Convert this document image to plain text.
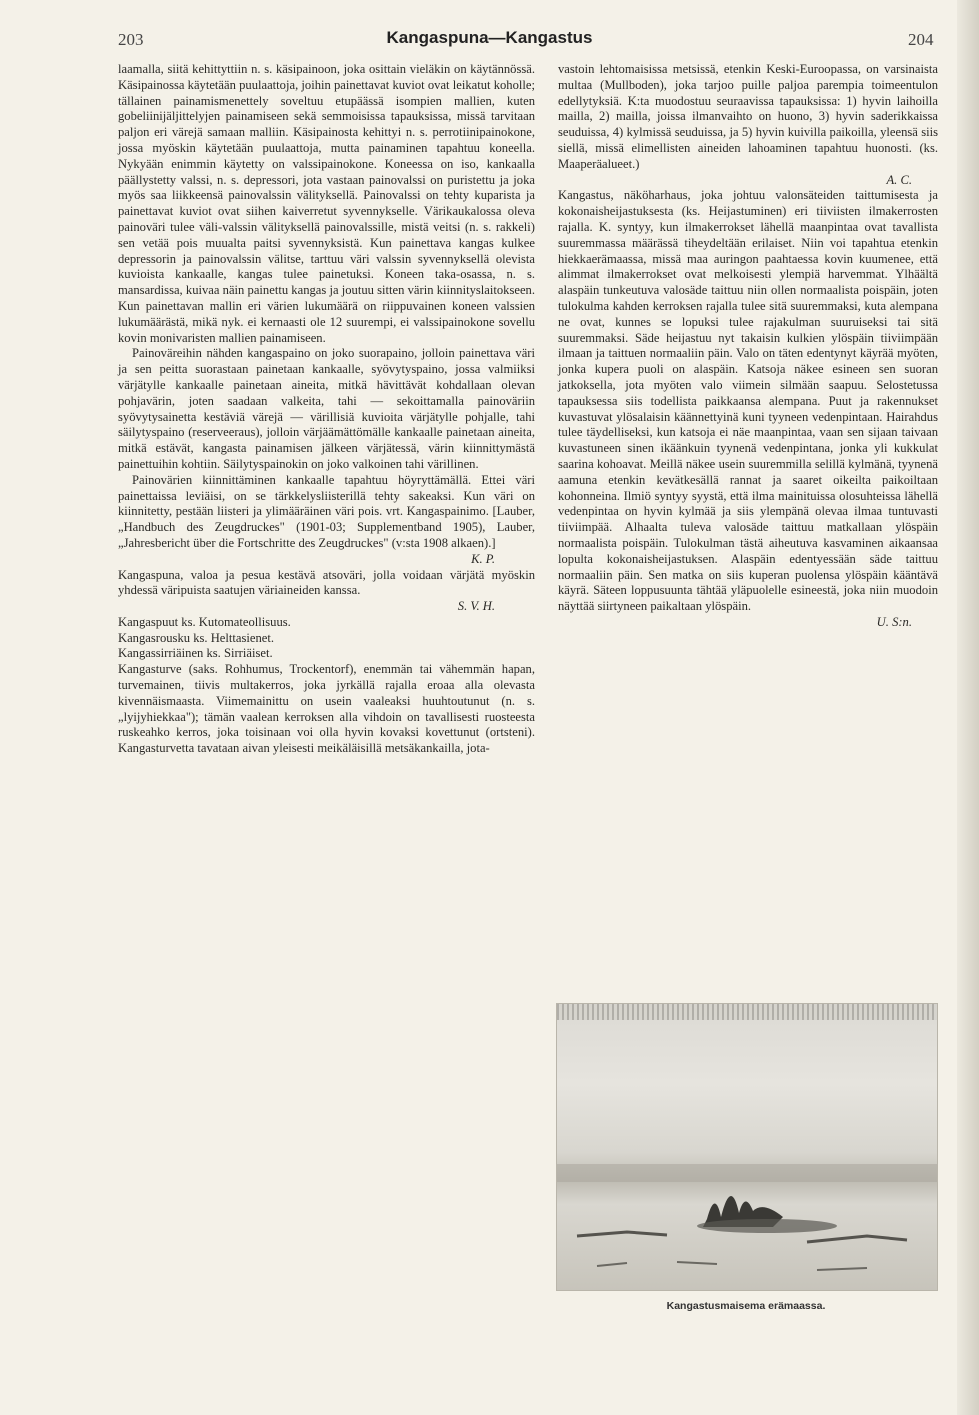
203	Kangaspuna—Kangastus	204

laamalla, siitä kehittyttiin n. s. käsipainoon, joka osittain vieläkin on käytännössä. Käsipainossa käytetään puulaattoja, joihin painettavat kuviot ovat leikatut koholle; tällainen painamismenettely soveltuu etupäässä isompien mallien, kuten gobeliinijäljittelyjen painamiseen sekä semmoisissa tapauksissa, missä tarvitaan paljon eri värejä samaan malliin. Käsipainosta kehittyi n. s. perrotiinipainokone, jossa myöskin käytetään puulaattoja, mutta painaminen tapahtuu koneella. Nykyään enimmin käytetty on valssipainokone. Koneessa on iso, kankaalla päällystetty valssi, n. s. depressori, jota vastaan painovalssi on puristettu ja joka myös saa liikkeensä painovalssin välityksellä. Painovalssi on tehty kuparista ja painettavat kuviot ovat siihen kaiverretut syvennykselle. Värikaukalossa oleva painoväri tulee väli-valssin välityksellä painovalssille, mistä veitsi (n. s. rakkeli) sen vetää pois muualta paitsi syvennyksistä. Kun painettava kangas kulkee depressorin ja painovalssin välitse, tarttuu väri valssin syvennyksellä olevista kuvioista kankaalle, kangas tulee painetuksi. Koneen taka-osassa, n. s. mansardissa, kuivaa näin painettu kangas ja joutuu sitten värin kiinnityslaitokseen. Kun painettavan mallin eri värien lukumäärä on riippuvainen koneen valssien lukumäärästä, mikä nyk. ei kernaasti ole 12 suurempi, ei valssipainokone sovellu kovin monivaristen mallien painamiseen.

Painoväreihin nähden kangaspaino on joko suorapaino, jolloin painettava väri ja sen peitta suorastaan painetaan kankaalle, syövytyspaino, jossa valmiiksi värjätylle kankaalle painetaan aineita, mitkä hävittävät kohdallaan olevan pohjavärin, joten saadaan valkeita, tahi — sekoittamalla painoväriin syövytysainetta kestäviä värejä — värillisiä kuvioita värjätylle pohjalle, tahi säilytyspaino (reserveeraus), jolloin värjäämättömälle kankaalle painetaan aineita, mitkä estävät, kangasta painamisen jälkeen värjätessä, värin kiinnittymästä painettuihin kohtiin. Säilytyspainokin on joko valkoinen tahi värillinen.

Painovärien kiinnittäminen kankaalle tapahtuu höyryttämällä. Ettei väri painettaissa leviäisi, on se tärkkelysliisterillä tehty sakeaksi. Kun väri on kiinnitetty, pestään liisteri ja ylimääräinen väri pois. vrt. Kangaspainimo. [Lauber, „Handbuch des Zeugdruckes" (1901-03; Supplementband 1905), Lauber, „Jahresbericht über die Fortschritte des Zeugdruckes" (v:sta 1908 alkaen).]

K. P.

Kangaspuna, valoa ja pesua kestävä atsoväri, jolla voidaan värjätä myöskin yhdessä väripuista saatujen väriaineiden kanssa.

S. V. H.

Kangaspuut ks. Kutomateollisuus.

Kangasrousku ks. Helttasienet.

Kangassirriäinen ks. Sirriäiset.

Kangasturve (saks. Rohhumus, Trockentorf), enemmän tai vähemmän hapan, turvemainen, tiivis multakerros, joka jyrkällä rajalla eroaa alla olevasta kivennäismaasta. Viimemainittu on usein vaaleaksi huuhtoutunut (n. s. „lyijyhiekkaa"); tämän vaalean kerroksen alla vihdoin on tavallisesti ruosteesta ruskeahko kerros, joka toisinaan voi olla hyvin kovaksi kovettunut (ortsteni). Kangasturvetta tavataan aivan yleisesti meikäläisillä metsäkankailla, jota-

vastoin lehtomaisissa metsissä, etenkin Keski-Euroopassa, on varsinaista multaa (Mullboden), joka tarjoo puille paljoa parempia toimeentulon edellytyksiä. K:ta muodostuu seuraavissa tapauksissa: 1) hyvin laihoilla mailla, 2) mailla, joissa ilmanvaihto on huono, 3) hyvin saderikkaissa seuduissa, 4) kylmissä seuduissa, ja 5) hyvin kuivilla paikoilla, yleensä siis siellä, missä elimellisten aineiden lahoaminen tapahtuu huonosti. (ks. Maaperäalueet.)

A. C.

Kangastus, näköharhaus, joka johtuu valonsäteiden taittumisesta ja kokonaisheijastuksesta (ks. Heijastuminen) eri tiiviisten ilmakerrosten rajalla. K. syntyy, kun ilmakerrokset lähellä maanpintaa ovat tavallista suuremmassa määrässä tiheydeltään erilaiset. Niin voi tapahtua etenkin hiekkaerämaassa, missä maa auringon paahtaessa kovin kuumenee, että alimmat ilmakerrokset ovat melkoisesti ylempiä harvemmat. Ylhäältä alaspäin tunkeutuva valosäde taittuu niin ollen normaalista poispäin, joten tulokulma kahden kerroksen rajalla tulee sitä suuremmaksi, kuta alempana ne ovat, kunnes se lopuksi tulee rajakulman suuruiseksi tai sitä suuremmaksi. Säde heijastuu nyt takaisin kulkien ylöspäin tiiviimpään ilmaan ja taittuen normaaliin päin. Valo on täten edentynyt käyrää myöten, jonka kupera puoli on alaspäin. Katsoja näkee esineen sen suoran jatkoksella, jota myöten valo viimein silmään saapuu. Selostetussa tapauksessa siis todellista paikkaansa alempana. Puut ja rakennukset kuvastuvat ylösalaisin käännettyinä kuni tyyneen vedenpintaan. Hairahdus tulee täydelliseksi, kun katsoja ei näe maanpintaa, vaan sen sijaan taivaan kuvastuneen sinen ikäänkuin tyynenä vedenpintana, jonka yli kukkulat saarina kohoavat. Meillä näkee usein suuremmilla selillä kylmänä, tyynenä aamuna etenkin kevätkesällä rannat ja saaret oikeilta paikoiltaan kohonneina. Ilmiö syntyy syystä, että ilma mainituissa olosuhteissa lähellä vedenpintaa on hyvin kylmää ja siis ylempänä olevaa ilmaa tuntuvasti tiiviimpää. Alhaalta tuleva valosäde taittuu matkallaan ylöspäin normaalista poispäin. Tulokulman tästä aiheutuva kasvaminen aikaansaa lopulta kokonaisheijastuksen. Alaspäin edentyessään säde taittuu normaaliin päin. Sen matka on siis kuperan puolensa ylöspäin kääntävä käyrä. Säteen loppusuunta tähtää yläpuolelle esineestä, joka niin muodoin näyttää siirtyneen paikaltaan ylöspäin.

U. S:n.

Kangastusmaisema erämaassa.
